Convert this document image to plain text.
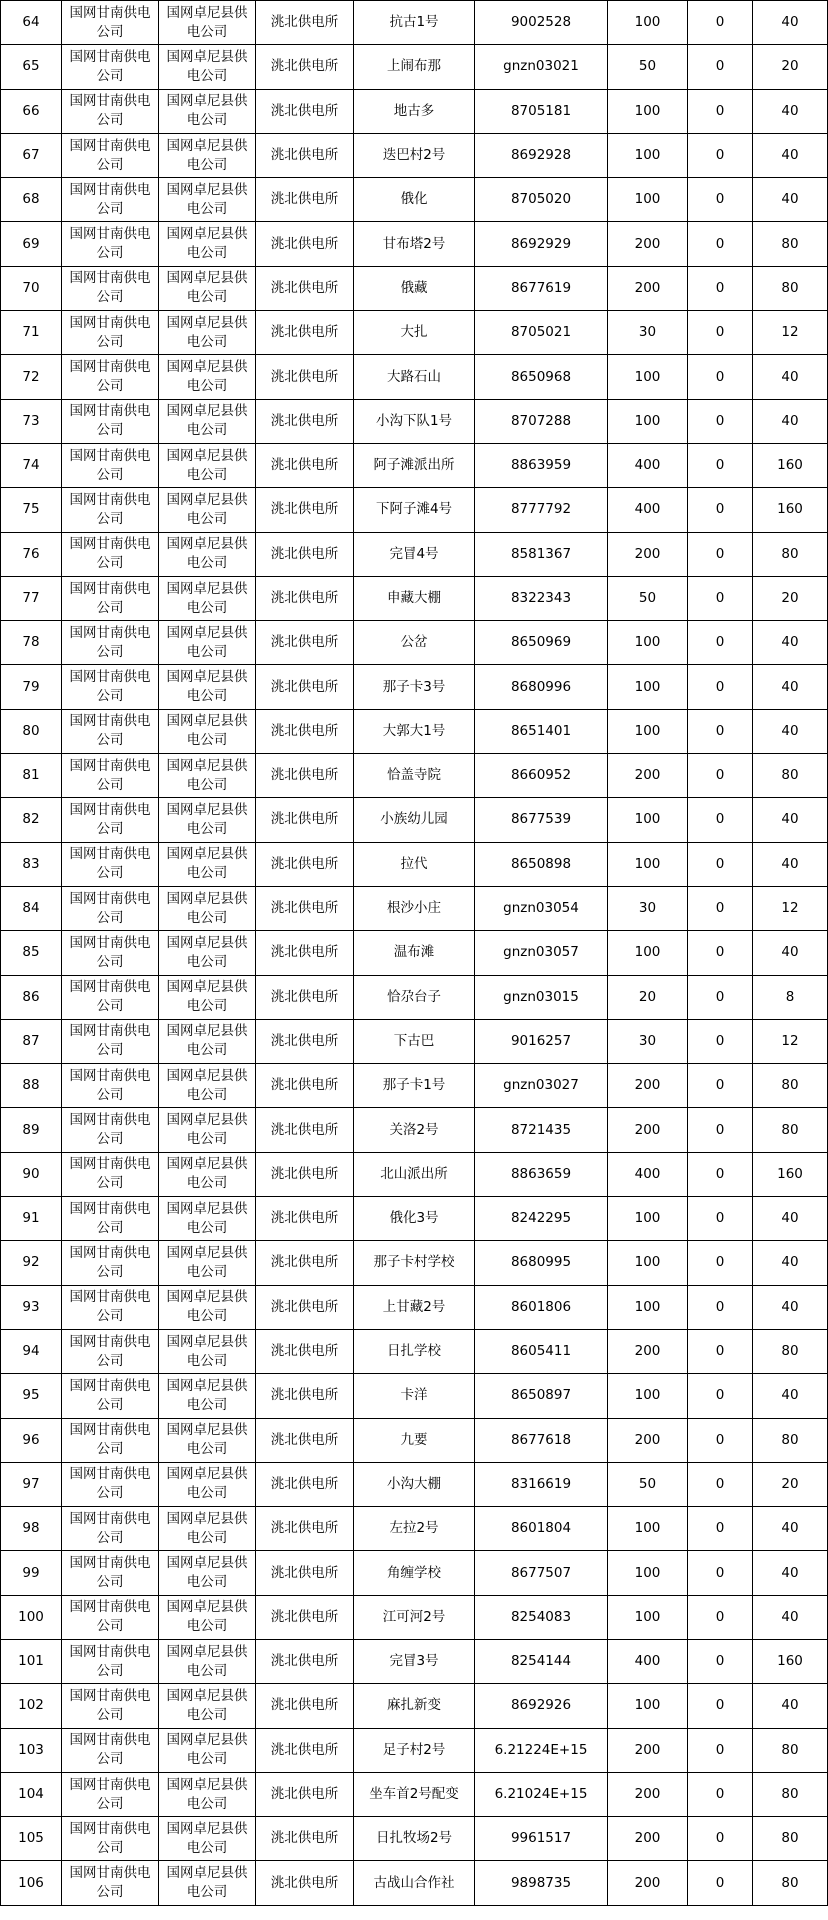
64	国网甘南供电公司	国网卓尼县供电公司	洮北供电所	抗古1号	9002528	100	0	40
65	国网甘南供电公司	国网卓尼县供电公司	洮北供电所	上闹布那	gnzn03021	50	0	20
66	国网甘南供电公司	国网卓尼县供电公司	洮北供电所	地古多	8705181	100	0	40
67	国网甘南供电公司	国网卓尼县供电公司	洮北供电所	迭巴村2号	8692928	100	0	40
68	国网甘南供电公司	国网卓尼县供电公司	洮北供电所	俄化	8705020	100	0	40
69	国网甘南供电公司	国网卓尼县供电公司	洮北供电所	甘布塔2号	8692929	200	0	80
70	国网甘南供电公司	国网卓尼县供电公司	洮北供电所	俄藏	8677619	200	0	80
71	国网甘南供电公司	国网卓尼县供电公司	洮北供电所	大扎	8705021	30	0	12
72	国网甘南供电公司	国网卓尼县供电公司	洮北供电所	大路石山	8650968	100	0	40
73	国网甘南供电公司	国网卓尼县供电公司	洮北供电所	小沟下队1号	8707288	100	0	40
74	国网甘南供电公司	国网卓尼县供电公司	洮北供电所	阿子滩派出所	8863959	400	0	160
75	国网甘南供电公司	国网卓尼县供电公司	洮北供电所	下阿子滩4号	8777792	400	0	160
76	国网甘南供电公司	国网卓尼县供电公司	洮北供电所	完冒4号	8581367	200	0	80
77	国网甘南供电公司	国网卓尼县供电公司	洮北供电所	申藏大棚	8322343	50	0	20
78	国网甘南供电公司	国网卓尼县供电公司	洮北供电所	公岔	8650969	100	0	40
79	国网甘南供电公司	国网卓尼县供电公司	洮北供电所	那子卡3号	8680996	100	0	40
80	国网甘南供电公司	国网卓尼县供电公司	洮北供电所	大郭大1号	8651401	100	0	40
81	国网甘南供电公司	国网卓尼县供电公司	洮北供电所	恰盖寺院	8660952	200	0	80
82	国网甘南供电公司	国网卓尼县供电公司	洮北供电所	小族幼儿园	8677539	100	0	40
83	国网甘南供电公司	国网卓尼县供电公司	洮北供电所	拉代	8650898	100	0	40
84	国网甘南供电公司	国网卓尼县供电公司	洮北供电所	根沙小庄	gnzn03054	30	0	12
85	国网甘南供电公司	国网卓尼县供电公司	洮北供电所	温布滩	gnzn03057	100	0	40
86	国网甘南供电公司	国网卓尼县供电公司	洮北供电所	恰尕台子	gnzn03015	20	0	8
87	国网甘南供电公司	国网卓尼县供电公司	洮北供电所	下古巴	9016257	30	0	12
88	国网甘南供电公司	国网卓尼县供电公司	洮北供电所	那子卡1号	gnzn03027	200	0	80
89	国网甘南供电公司	国网卓尼县供电公司	洮北供电所	关洛2号	8721435	200	0	80
90	国网甘南供电公司	国网卓尼县供电公司	洮北供电所	北山派出所	8863659	400	0	160
91	国网甘南供电公司	国网卓尼县供电公司	洮北供电所	俄化3号	8242295	100	0	40
92	国网甘南供电公司	国网卓尼县供电公司	洮北供电所	那子卡村学校	8680995	100	0	40
93	国网甘南供电公司	国网卓尼县供电公司	洮北供电所	上甘藏2号	8601806	100	0	40
94	国网甘南供电公司	国网卓尼县供电公司	洮北供电所	日扎学校	8605411	200	0	80
95	国网甘南供电公司	国网卓尼县供电公司	洮北供电所	卡洋	8650897	100	0	40
96	国网甘南供电公司	国网卓尼县供电公司	洮北供电所	九要	8677618	200	0	80
97	国网甘南供电公司	国网卓尼县供电公司	洮北供电所	小沟大棚	8316619	50	0	20
98	国网甘南供电公司	国网卓尼县供电公司	洮北供电所	左拉2号	8601804	100	0	40
99	国网甘南供电公司	国网卓尼县供电公司	洮北供电所	角缠学校	8677507	100	0	40
100	国网甘南供电公司	国网卓尼县供电公司	洮北供电所	江可河2号	8254083	100	0	40
101	国网甘南供电公司	国网卓尼县供电公司	洮北供电所	完冒3号	8254144	400	0	160
102	国网甘南供电公司	国网卓尼县供电公司	洮北供电所	麻扎新变	8692926	100	0	40
103	国网甘南供电公司	国网卓尼县供电公司	洮北供电所	足子村2号	6.21224E+15	200	0	80
104	国网甘南供电公司	国网卓尼县供电公司	洮北供电所	坐车首2号配变	6.21024E+15	200	0	80
105	国网甘南供电公司	国网卓尼县供电公司	洮北供电所	日扎牧场2号	9961517	200	0	80
106	国网甘南供电公司	国网卓尼县供电公司	洮北供电所	古战山合作社	9898735	200	0	80
